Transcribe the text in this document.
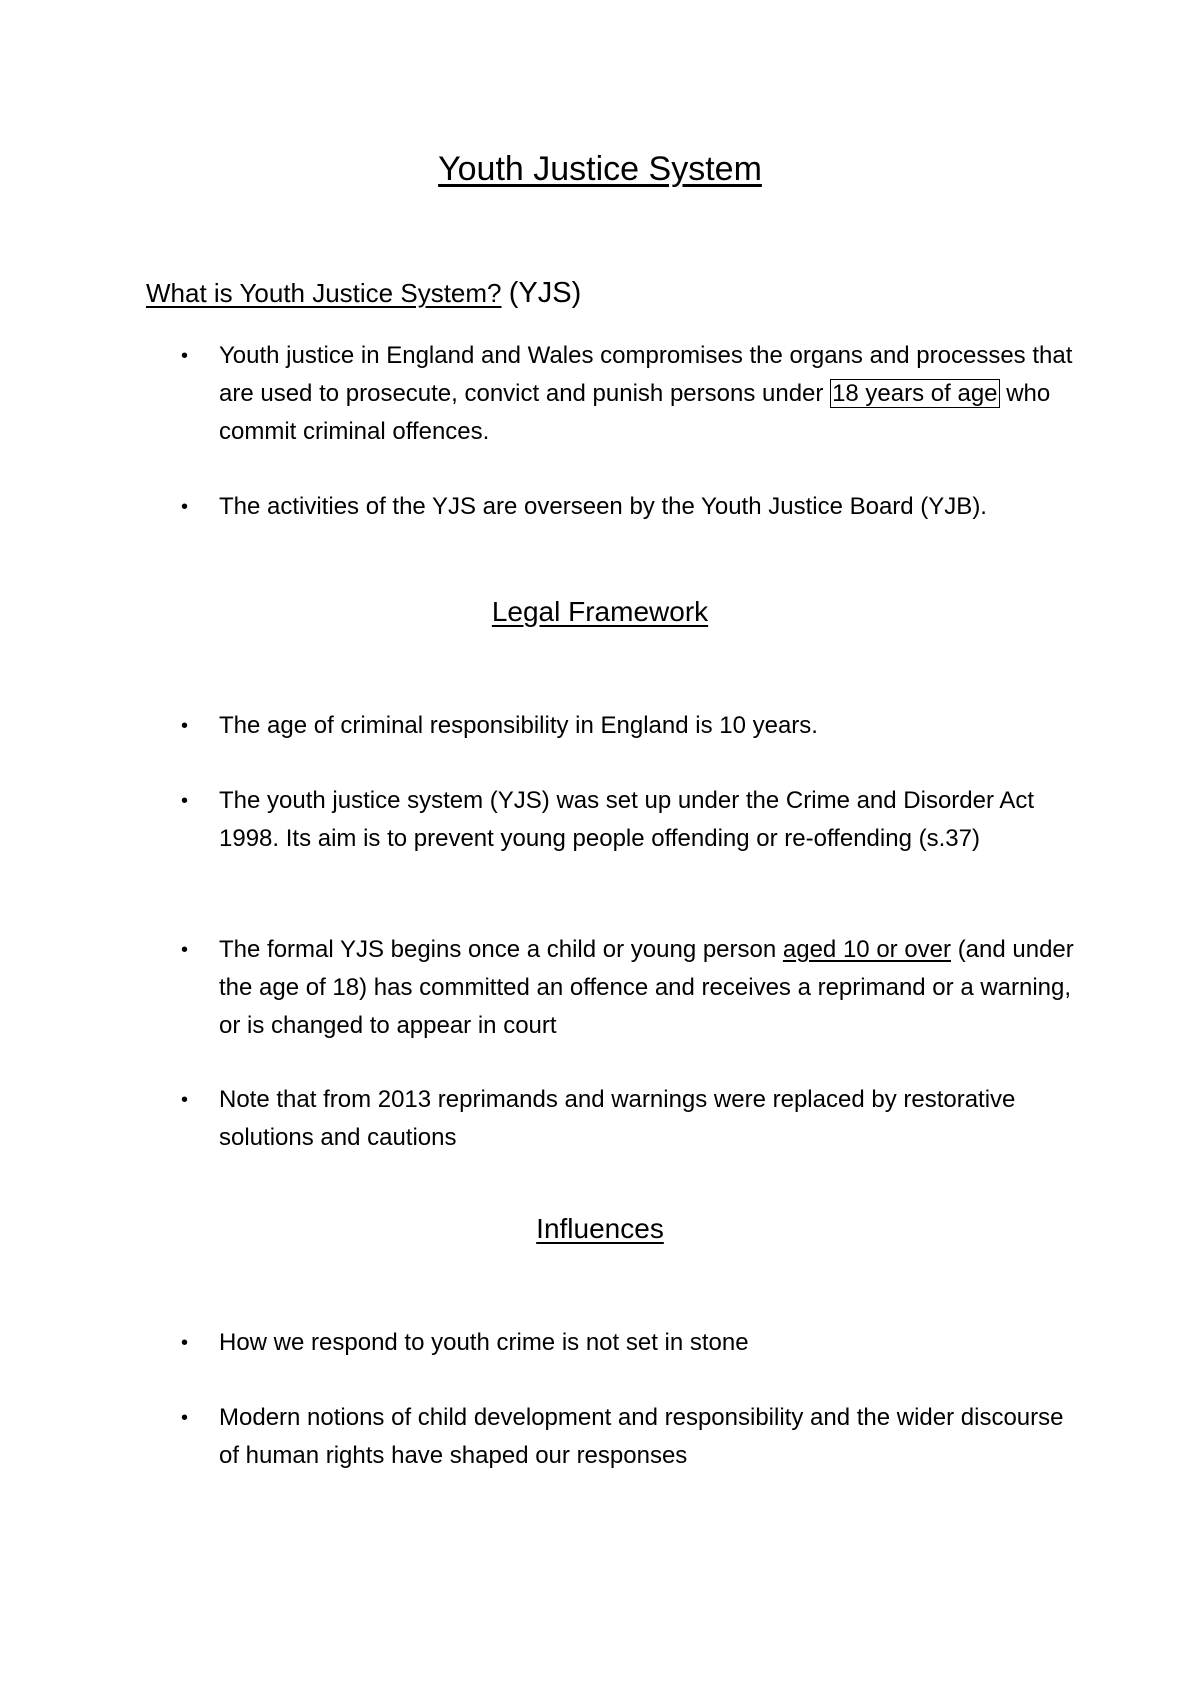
Youth Justice System
What is Youth Justice System? (YJS)
• Youth justice in England and Wales compromises the organs and processes that are used to prosecute, convict and punish persons under 18 years of age who commit criminal offences.
• The activities of the YJS are overseen by the Youth Justice Board (YJB).
Legal Framework
• The age of criminal responsibility in England is 10 years.
• The youth justice system (YJS) was set up under the Crime and Disorder Act 1998. Its aim is to prevent young people offending or re-offending (s.37)
• The formal YJS begins once a child or young person aged 10 or over (and under the age of 18) has committed an offence and receives a reprimand or a warning, or is changed to appear in court
• Note that from 2013 reprimands and warnings were replaced by restorative solutions and cautions
Influences
• How we respond to youth crime is not set in stone
• Modern notions of child development and responsibility and the wider discourse of human rights have shaped our responses
